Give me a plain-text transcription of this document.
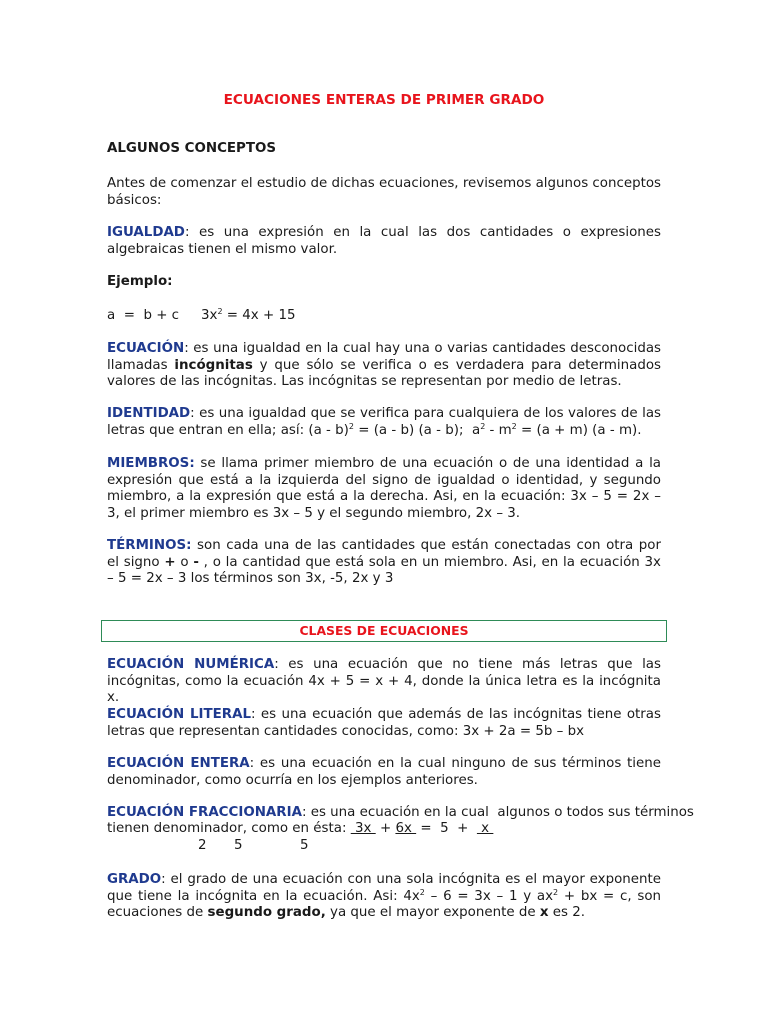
ECUACIONES ENTERAS DE PRIMER GRADO
ALGUNOS CONCEPTOS
Antes de comenzar el estudio de dichas ecuaciones, revisemos algunos conceptos básicos:
IGUALDAD: es una expresión en la cual las dos cantidades o expresiones algebraicas tienen el mismo valor.
Ejemplo:
a  =  b + c $3x^2 = 4x + 15$
ECUACIÓN: es una igualdad en la cual hay una o varias cantidades desconocidas llamadas incógnitas y que sólo se verifica o es verdadera para determinados valores de las incógnitas. Las incógnitas se representan por medio de letras.
IDENTIDAD: es una igualdad que se verifica para cualquiera de los valores de las letras que entran en ella; así: (a - b)$^2$ = (a - b) (a - b);  $a^2 - m^2 = (a + m)$ (a - m).
MIEMBROS: se llama primer miembro de una ecuación o de una identidad a la expresión que está a la izquierda del signo de igualdad o identidad, y segundo miembro, a la expresión que está a la derecha. Asi, en la ecuación: 3x – 5 = 2x – 3, el primer miembro es 3x – 5 y el segundo miembro, 2x – 3.
TÉRMINOS: son cada una de las cantidades que están conectadas con otra por el signo + o - , o la cantidad que está sola en un miembro. Asi, en la ecuación 3x – 5 = 2x – 3 los términos son 3x, -5, 2x y 3
CLASES DE ECUACIONES
ECUACIÓN NUMÉRICA: es una ecuación que no tiene más letras que las incógnitas, como la ecuación 4x + 5 = x + 4, donde la única letra es la incógnita x.
ECUACIÓN LITERAL: es una ecuación que además de las incógnitas tiene otras letras que representan cantidades conocidas, como: 3x + 2a = 5b – bx
ECUACIÓN ENTERA: es una ecuación en la cual ninguno de sus términos tiene denominador, como ocurría en los ejemplos anteriores.
ECUACIÓN FRACCIONARIA: es una ecuación en la cual  algunos o todos sus términos
tienen denominador, como en ésta:  3x  + 6x  =  5  +   x
2 5	5
GRADO: el grado de una ecuación con una sola incógnita es el mayor exponente que tiene la incógnita en la ecuación. Asi: $4x^2 - 6 = 3x - 1$ y $ax^2$ + bx = c, son ecuaciones de segundo grado, ya que el mayor exponente de x es 2.
